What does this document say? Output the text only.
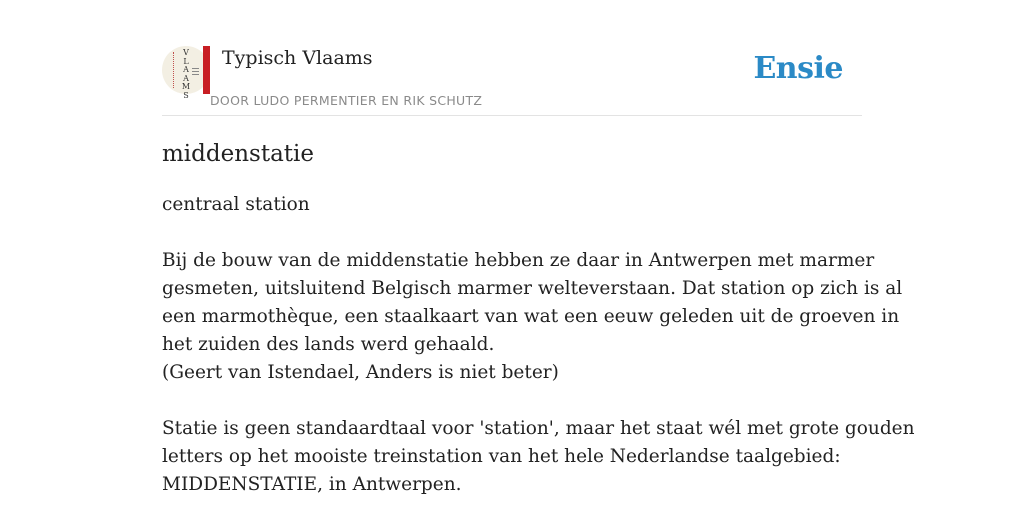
V
L
A
A
M
S
Typisch Vlaams
DOOR LUDO PERMENTIER EN RIK SCHUTZ
Ensie
middenstatie
centraal station
Bij de bouw van de middenstatie hebben ze daar in Antwerpen met marmer
gesmeten, uitsluitend Belgisch marmer welteverstaan. Dat station op zich is al
een marmothèque, een staalkaart van wat een eeuw geleden uit de groeven in
het zuiden des lands werd gehaald.
(Geert van Istendael, Anders is niet beter)
Statie is geen standaardtaal voor 'station', maar het staat wél met grote gouden
letters op het mooiste treinstation van het hele Nederlandse taalgebied:
MIDDENSTATIE, in Antwerpen.
